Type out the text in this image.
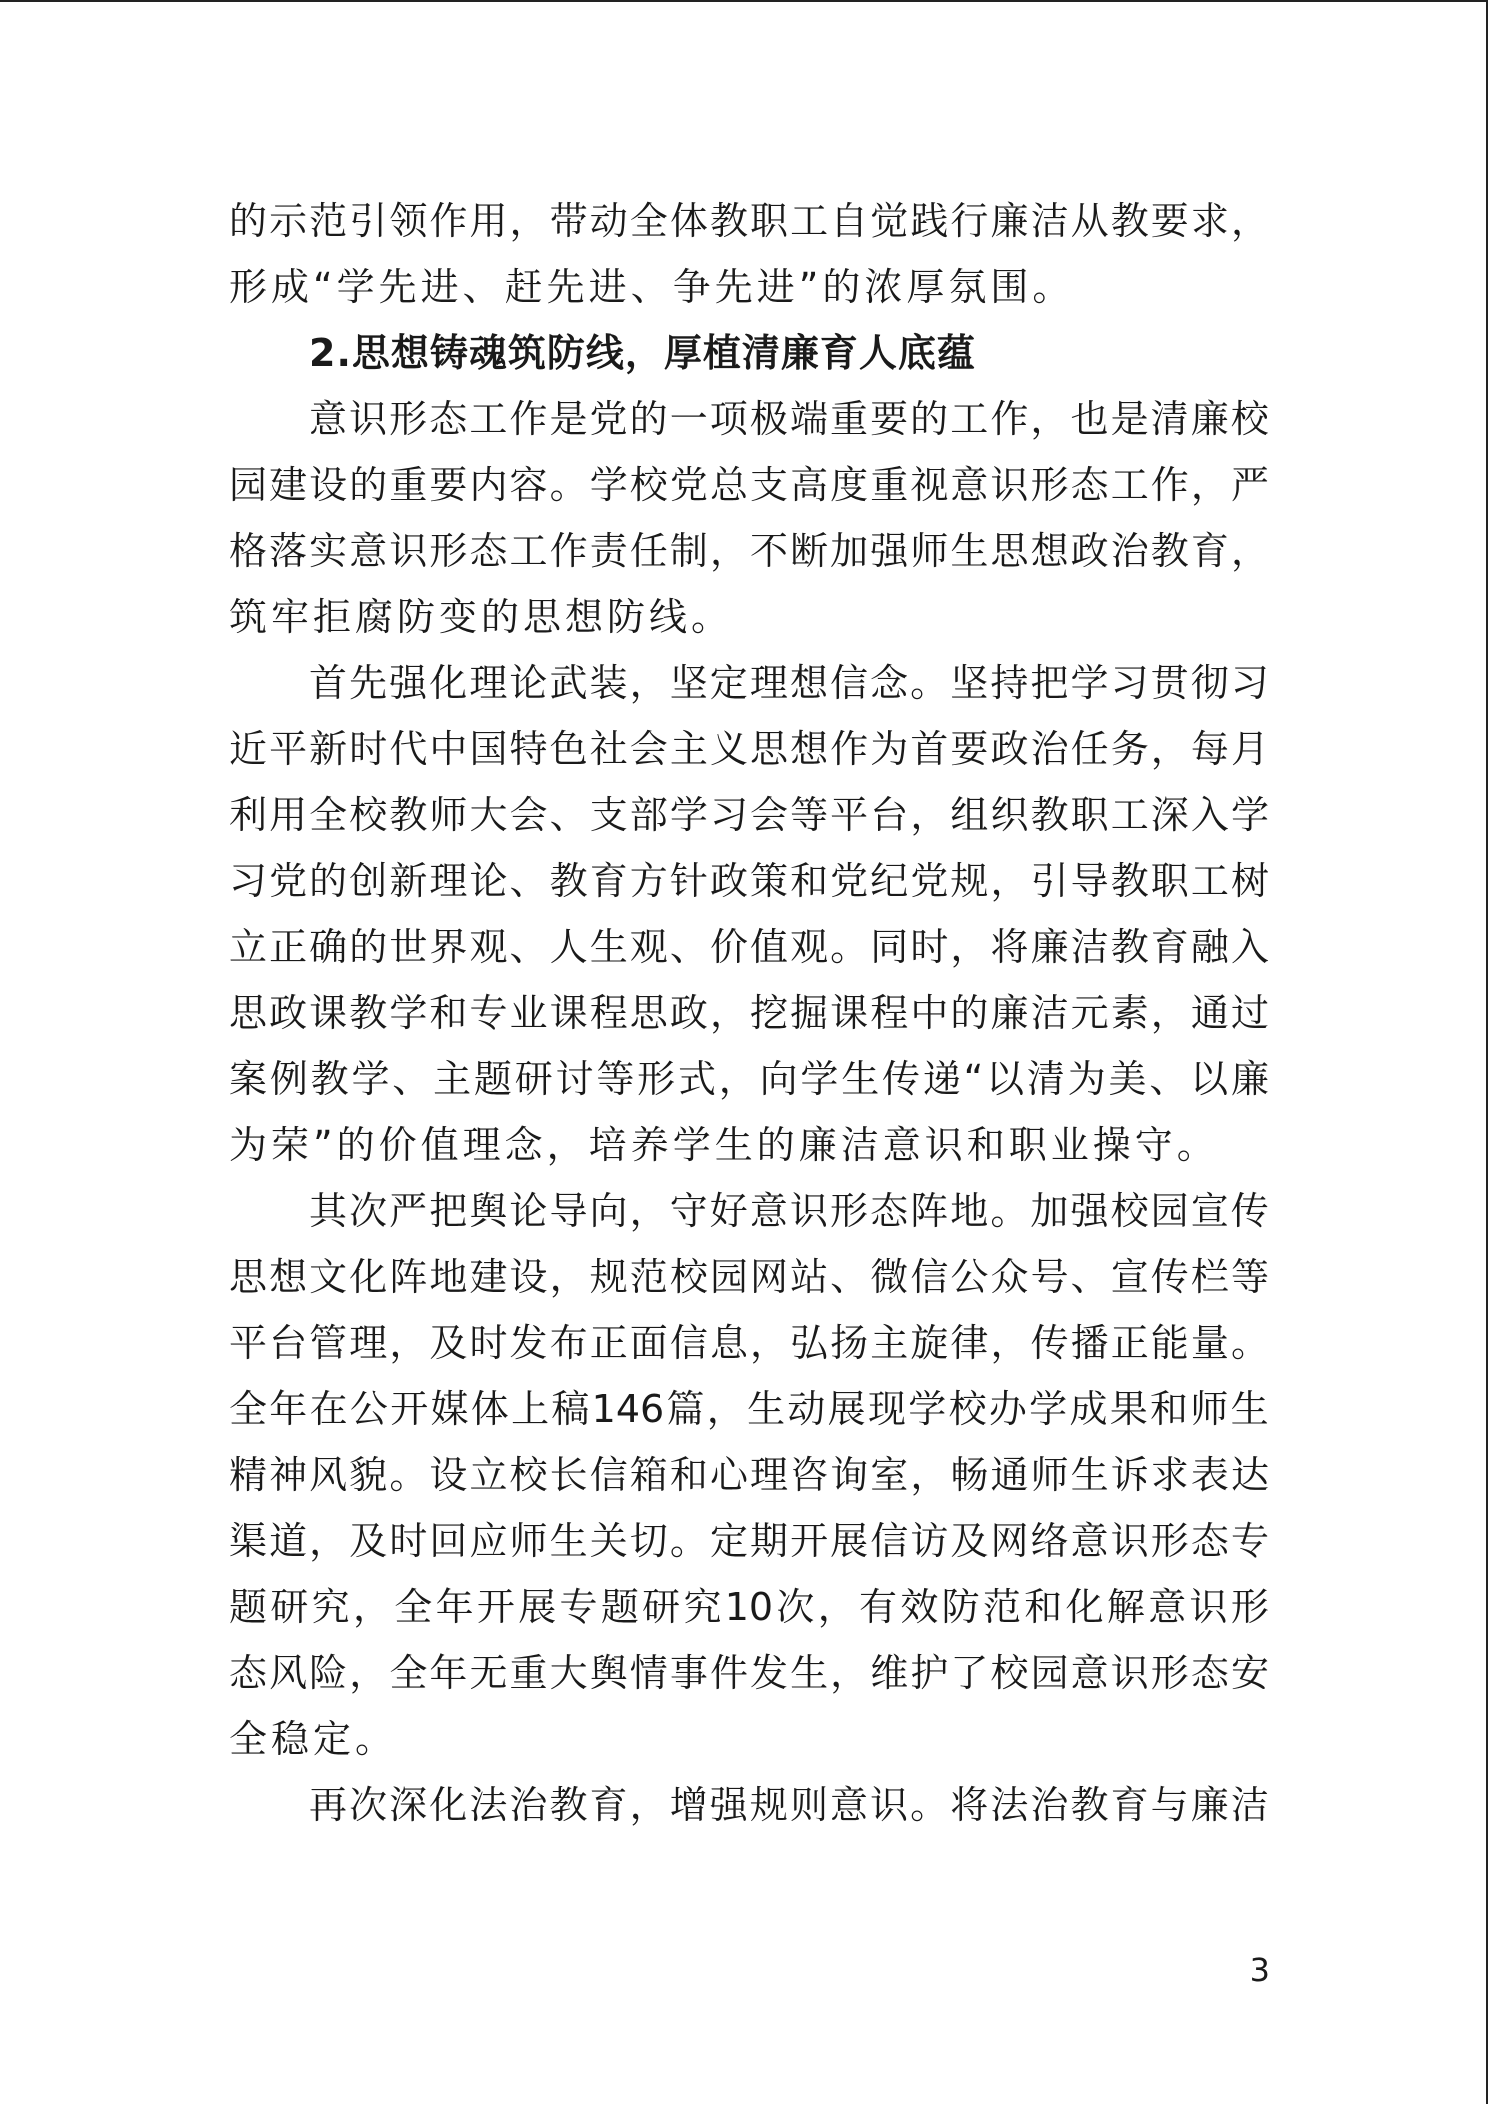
的 示 范 引 领 作 用 ， 带 动 全 体 教 职 工 自 觉 践 行 廉 洁 从 教 要 求 ，
形成“学先进、赶先进、争先进”的浓厚氛围。
2.思想铸魂筑防线，厚植清廉育人底蕴
意 识 形 态 工 作 是 党 的 一 项 极 端 重 要 的 工 作 ， 也 是 清 廉 校
园 建 设 的 重 要 内 容 。 学 校 党 总 支 高 度 重 视 意 识 形 态 工 作 ， 严
格 落 实 意 识 形 态 工 作 责 任 制 ， 不 断 加 强 师 生 思 想 政 治 教 育 ，
筑牢拒腐防变的思想防线。
首 先 强 化 理 论 武 装 ， 坚 定 理 想 信 念 。 坚 持 把 学 习 贯 彻 习
近 平 新 时 代 中 国 特 色 社 会 主 义 思 想 作 为 首 要 政 治 任 务 ， 每 月
利 用 全 校 教 师 大 会 、 支 部 学 习 会 等 平 台 ， 组 织 教 职 工 深 入 学
习 党 的 创 新 理 论 、 教 育 方 针 政 策 和 党 纪 党 规 ， 引 导 教 职 工 树
立 正 确 的 世 界 观 、 人 生 观 、 价 值 观 。 同 时 ， 将 廉 洁 教 育 融 入
思 政 课 教 学 和 专 业 课 程 思 政 ， 挖 掘 课 程 中 的 廉 洁 元 素 ， 通 过
案 例 教 学 、 主 题 研 讨 等 形 式 ， 向 学 生 传 递 “ 以 清 为 美 、 以 廉
为荣”的价值理念，培养学生的廉洁意识和职业操守。
其 次 严 把 舆 论 导 向 ， 守 好 意 识 形 态 阵 地 。 加 强 校 园 宣 传
思 想 文 化 阵 地 建 设 ， 规 范 校 园 网 站 、 微 信 公 众 号 、 宣 传 栏 等
平 台 管 理 ， 及 时 发 布 正 面 信 息 ， 弘 扬 主 旋 律 ， 传 播 正 能 量 。
全 年 在 公 开 媒 体 上 稿 146 篇 ， 生 动 展 现 学 校 办 学 成 果 和 师 生
精 神 风 貌 。 设 立 校 长 信 箱 和 心 理 咨 询 室 ， 畅 通 师 生 诉 求 表 达
渠 道 ， 及 时 回 应 师 生 关 切 。 定 期 开 展 信 访 及 网 络 意 识 形 态 专
题 研 究 ， 全 年 开 展 专 题 研 究 10 次 ， 有 效 防 范 和 化 解 意 识 形
态 风 险 ， 全 年 无 重 大 舆 情 事 件 发 生 ， 维 护 了 校 园 意 识 形 态 安
全稳定。
再 次 深 化 法 治 教 育 ， 增 强 规 则 意 识 。 将 法 治 教 育 与 廉 洁
3
